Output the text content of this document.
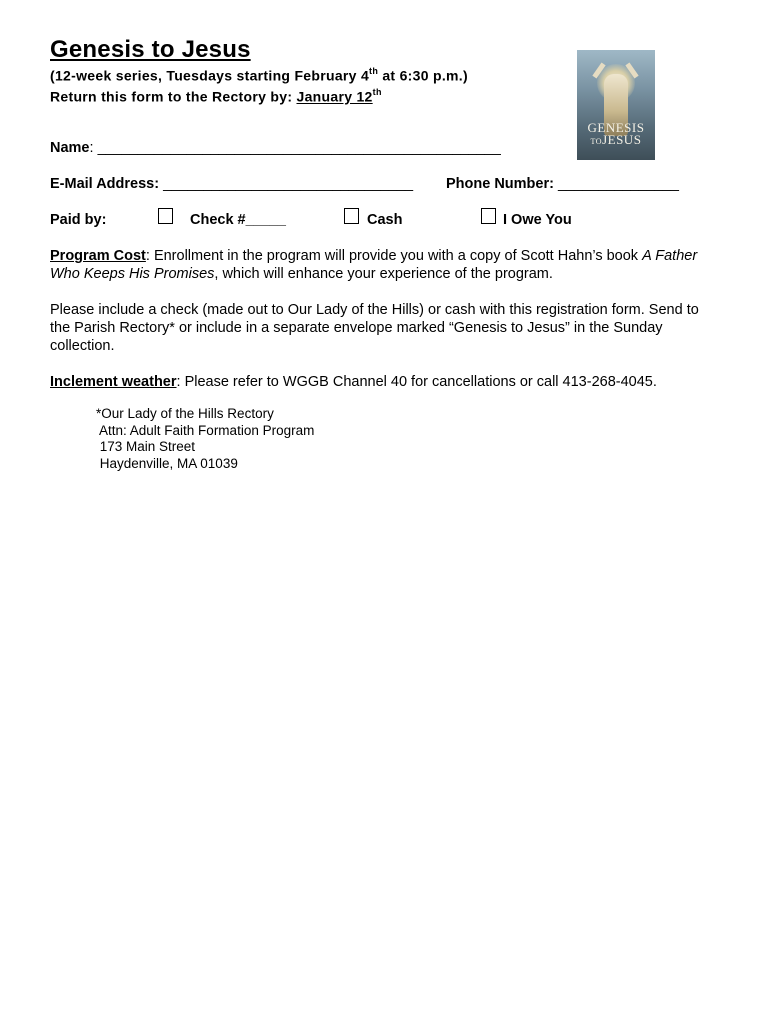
Genesis to Jesus
(12-week series, Tuesdays starting February 4th at 6:30 p.m.)
Return this form to the Rectory by: January 12th
GENESIS
TOJESUS
Name: __________________________________________________
E-Mail Address: _______________________________ Phone Number: _______________
Paid by:	Check #_____	Cash	I Owe You
Program Cost: Enrollment in the program will provide you with a copy of Scott Hahn’s book A Father Who Keeps His Promises, which will enhance your experience of the program.
Please include a check (made out to Our Lady of the Hills) or cash with this registration form. Send to the Parish Rectory* or include in a separate envelope marked “Genesis to Jesus” in the Sunday collection.
Inclement weather: Please refer to WGGB Channel 40 for cancellations or call 413-268-4045.
*Our Lady of the Hills Rectory
Attn: Adult Faith Formation Program
173 Main Street
Haydenville, MA 01039
